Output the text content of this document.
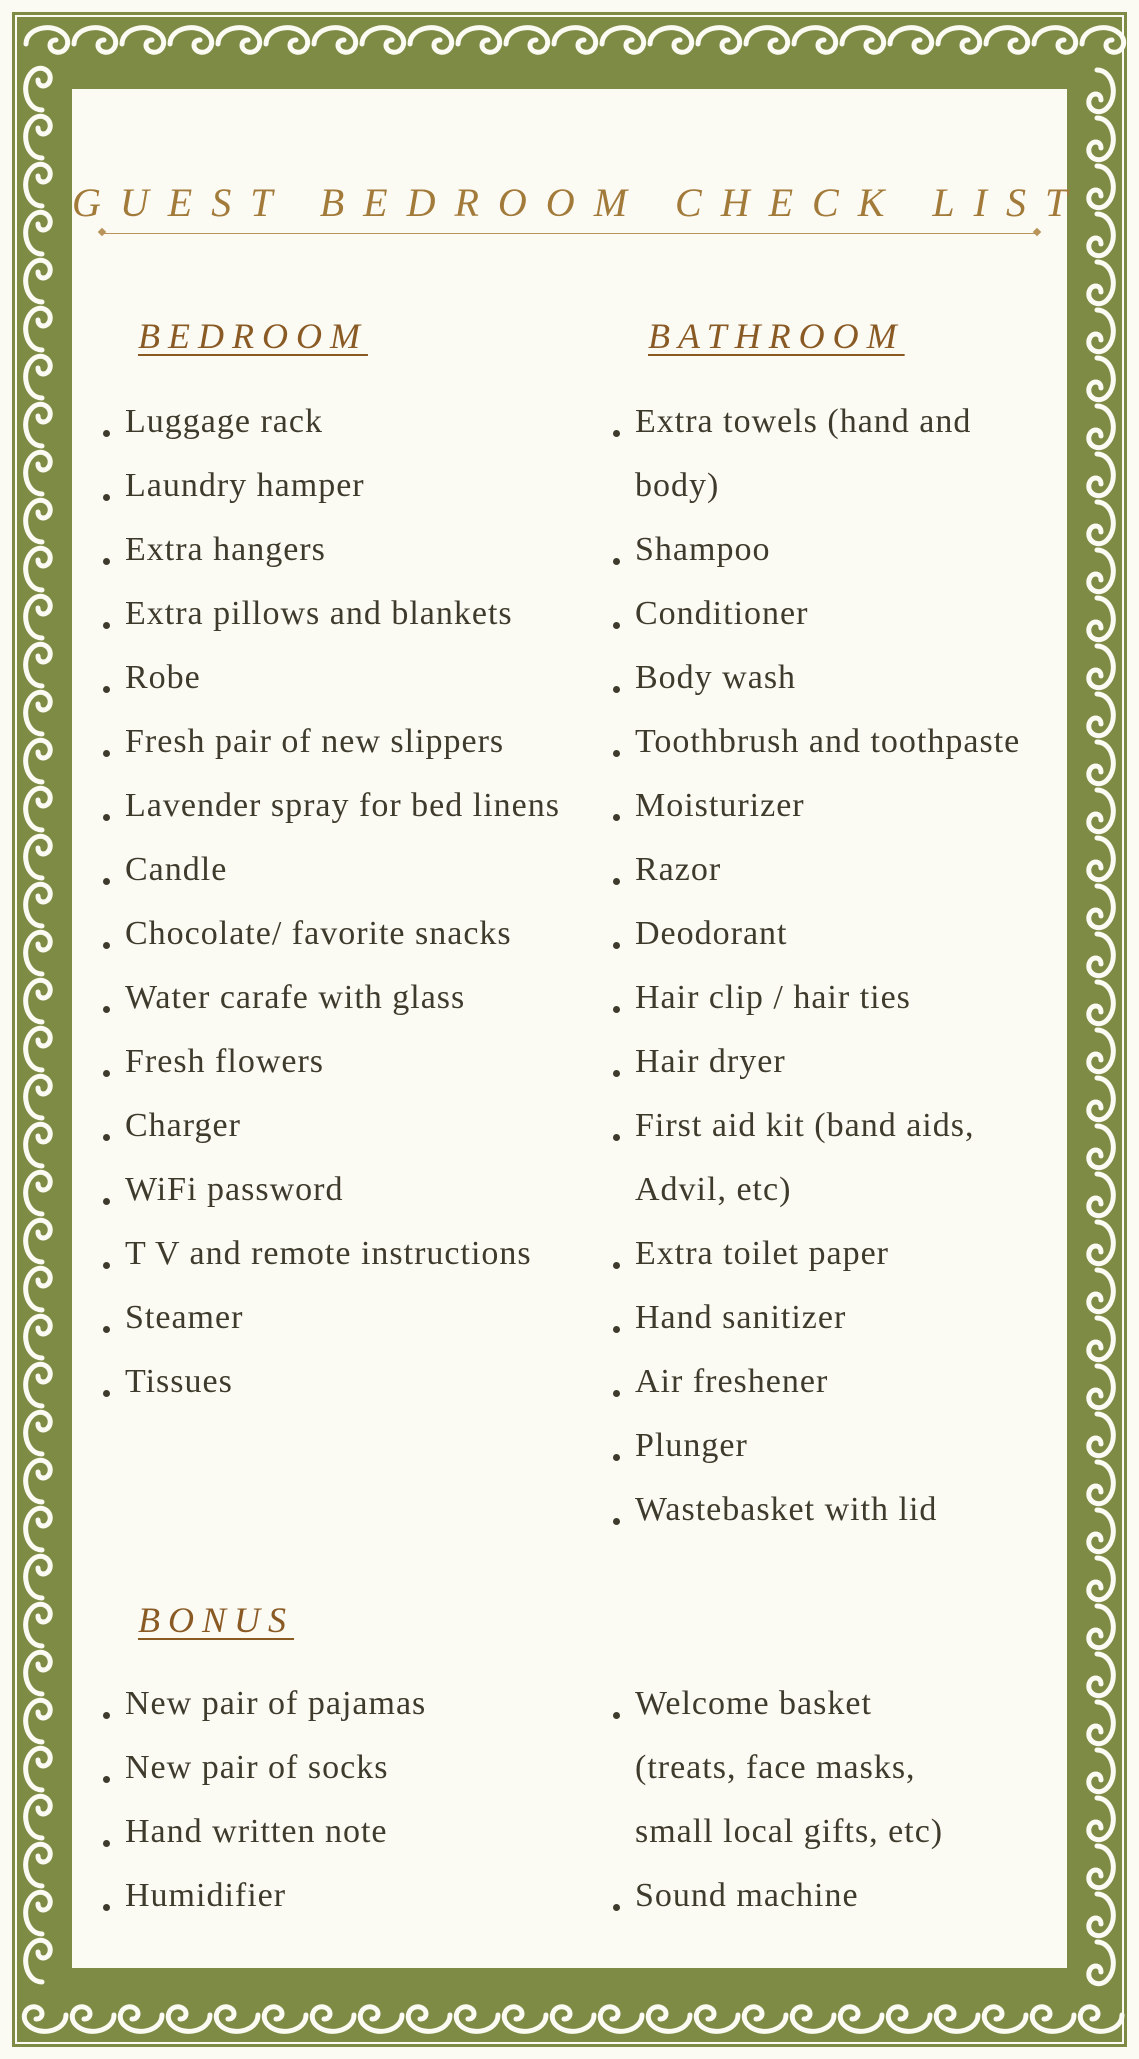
GUEST BEDROOM CHECK LIST
BEDROOM
Luggage rack
Laundry hamper
Extra hangers
Extra pillows and blankets
Robe
Fresh pair of new slippers
Lavender spray for bed linens
Candle
Chocolate/ favorite snacks
Water carafe with glass
Fresh flowers
Charger
WiFi password
T V and remote instructions
Steamer
Tissues
BATHROOM
Extra towels (hand and body)
Shampoo
Conditioner
Body wash
Toothbrush and toothpaste
Moisturizer
Razor
Deodorant
Hair clip / hair ties
Hair dryer
First aid kit (band aids, Advil, etc)
Extra toilet paper
Hand sanitizer
Air freshener
Plunger
Wastebasket with lid
BONUS
New pair of pajamas
New pair of socks
Hand written note
Humidifier
Welcome basket (treats, face masks, small local gifts, etc)
Sound machine
